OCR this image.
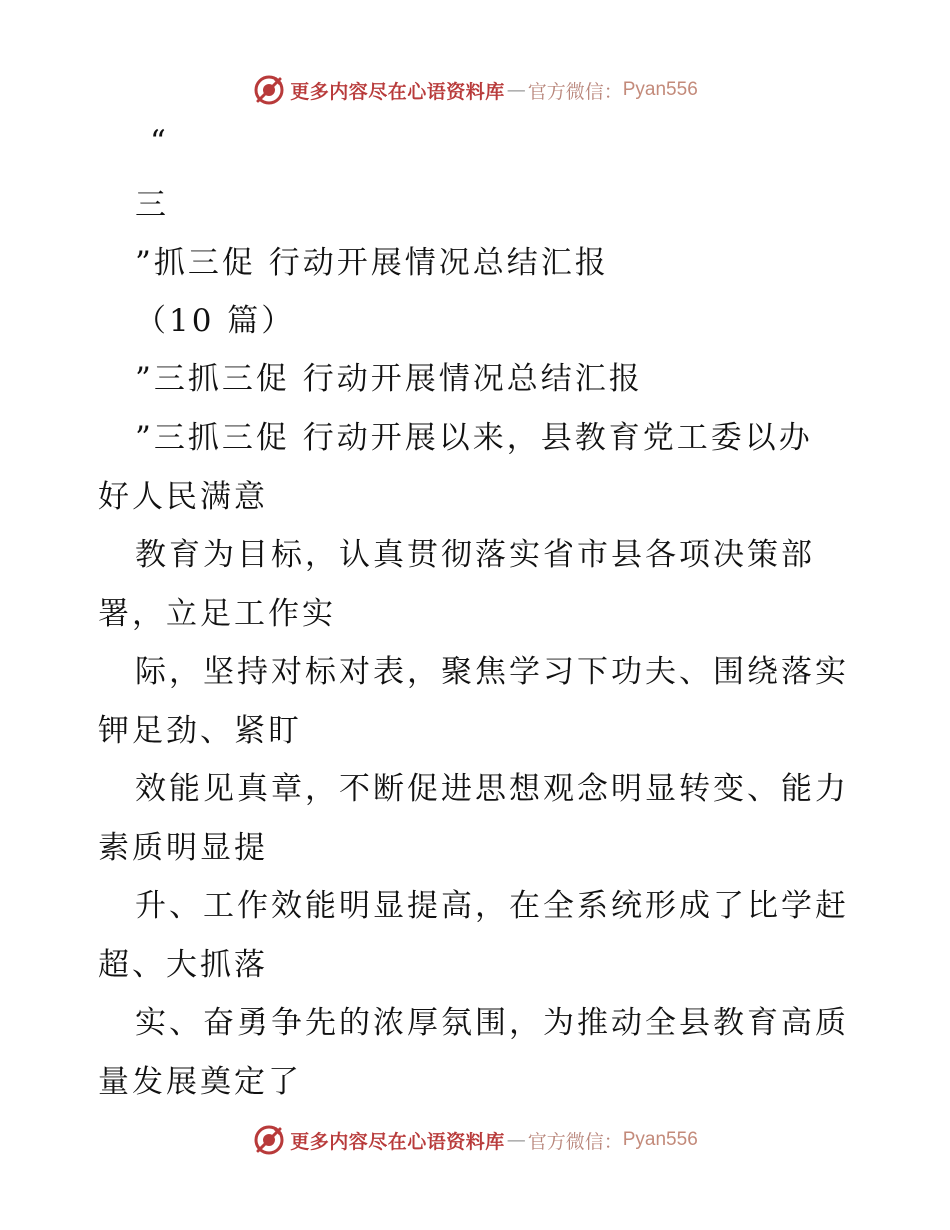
更多内容尽在心语资料库 — 官方微信： Pyan556
“
三
”抓三促 行动开展情况总结汇报
（10 篇）
”三抓三促 行动开展情况总结汇报
”三抓三促 行动开展以来，县教育党工委以办
好人民满意
教育为目标，认真贯彻落实省市县各项决策部
署，立足工作实
际，坚持对标对表，聚焦学习下功夫、围绕落实
钾足劲、紧盯
效能见真章，不断促进思想观念明显转变、能力
素质明显提
升、工作效能明显提高，在全系统形成了比学赶
超、大抓落
实、奋勇争先的浓厚氛围，为推动全县教育高质
量发展奠定了
更多内容尽在心语资料库 — 官方微信： Pyan556
